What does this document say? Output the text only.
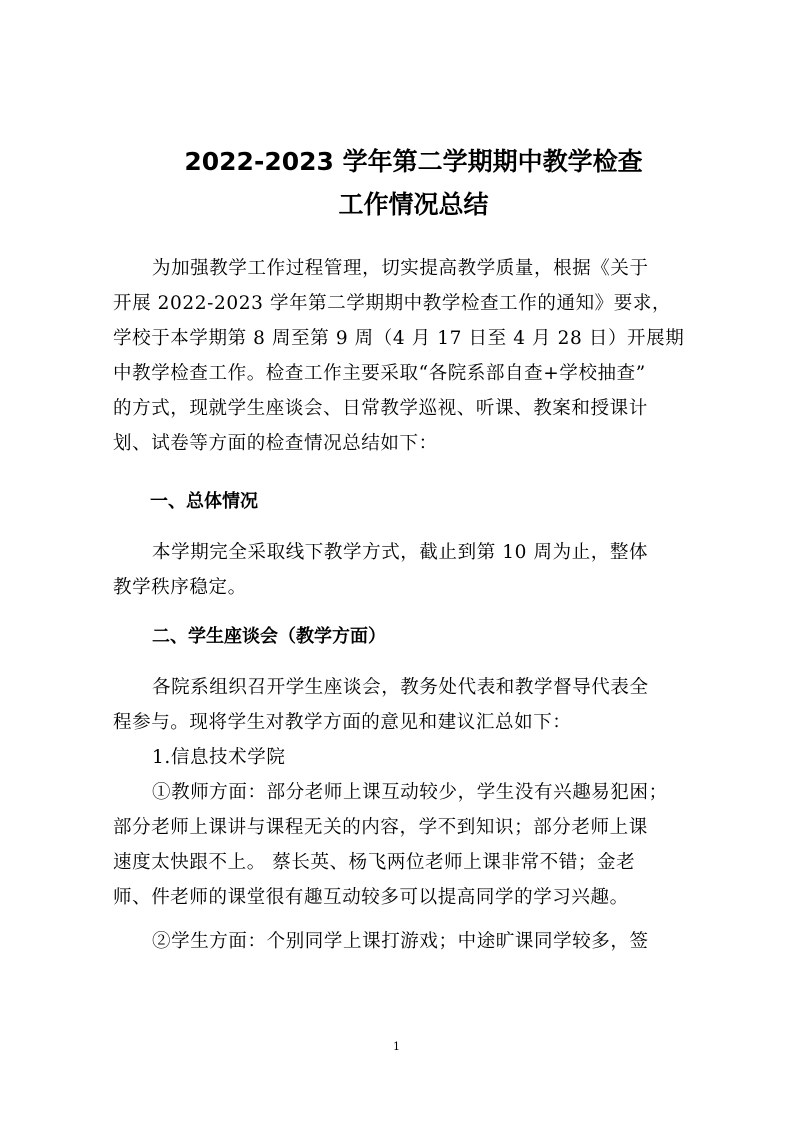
2022-2023 学年第二学期期中教学检查
工作情况总结
为加强教学工作过程管理，切实提高教学质量，根据《关于
开展 2022-2023 学年第二学期期中教学检查工作的通知》要求，
学校于本学期第 8 周至第 9 周（4 月 17 日至 4 月 28 日）开展期
中教学检查工作。检查工作主要采取“各院系部自查+学校抽查”
的方式，现就学生座谈会、日常教学巡视、听课、教案和授课计
划、试卷等方面的检查情况总结如下：
一、总体情况
本学期完全采取线下教学方式，截止到第 10 周为止，整体
教学秩序稳定。
二、学生座谈会（教学方面）
各院系组织召开学生座谈会，教务处代表和教学督导代表全
程参与。现将学生对教学方面的意见和建议汇总如下：
1.信息技术学院
①教师方面：部分老师上课互动较少，学生没有兴趣易犯困；
部分老师上课讲与课程无关的内容，学不到知识；部分老师上课
速度太快跟不上。 蔡长英、杨飞两位老师上课非常不错；金老
师、件老师的课堂很有趣互动较多可以提高同学的学习兴趣。
②学生方面：个别同学上课打游戏；中途旷课同学较多，签
1
